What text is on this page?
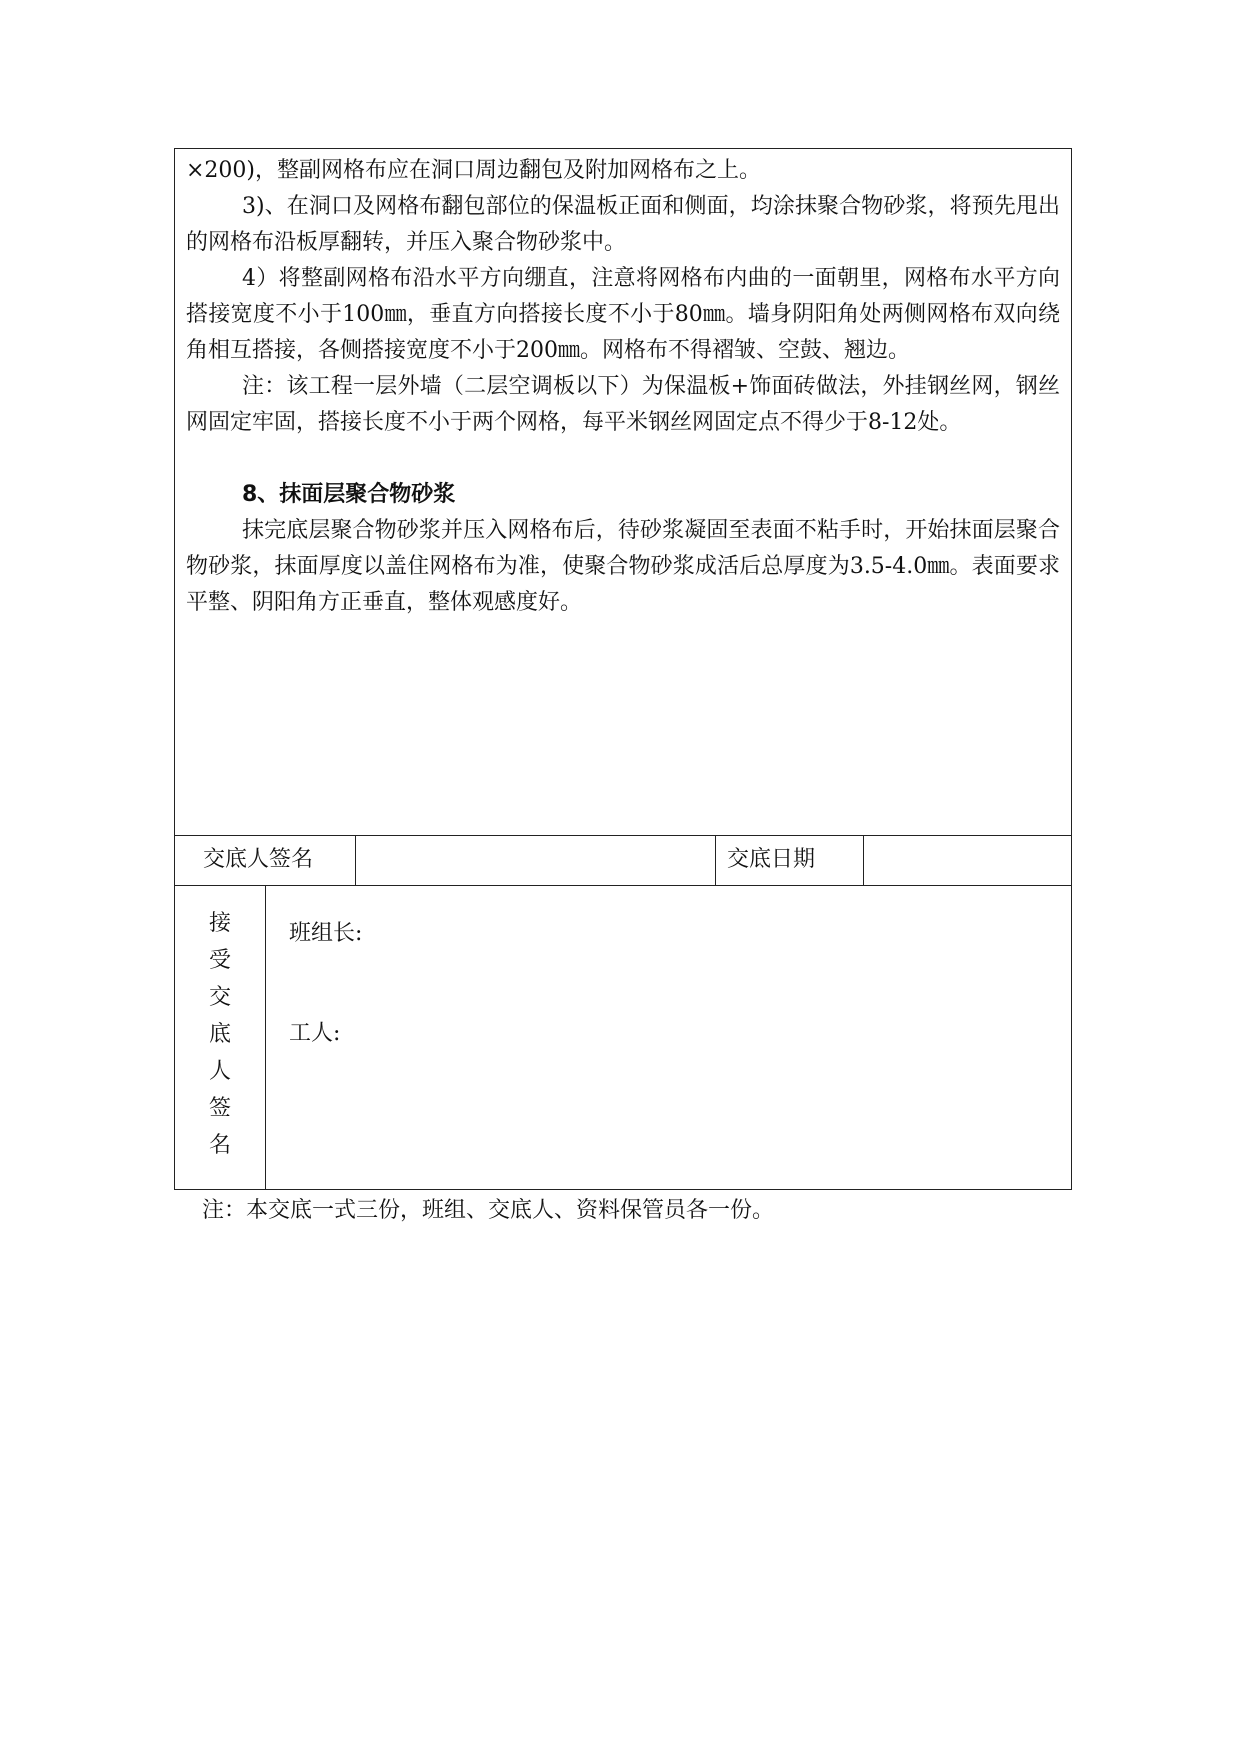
×200)，整副网格布应在洞口周边翻包及附加网格布之上。

3)、在洞口及网格布翻包部位的保温板正面和侧面，均涂抹聚合物砂浆，将预先甩出的网格布沿板厚翻转，并压入聚合物砂浆中。

4）将整副网格布沿水平方向绷直，注意将网格布内曲的一面朝里，网格布水平方向搭接宽度不小于100㎜，垂直方向搭接长度不小于80㎜。墙身阴阳角处两侧网格布双向绕角相互搭接，各侧搭接宽度不小于200㎜。网格布不得褶皱、空鼓、翘边。

注：该工程一层外墙（二层空调板以下）为保温板+饰面砖做法，外挂钢丝网，钢丝网固定牢固，搭接长度不小于两个网格，每平米钢丝网固定点不得少于8-12处。

8、抹面层聚合物砂浆

抹完底层聚合物砂浆并压入网格布后，待砂浆凝固至表面不粘手时，开始抹面层聚合物砂浆，抹面厚度以盖住网格布为准，使聚合物砂浆成活后总厚度为3.5-4.0㎜。表面要求平整、阴阳角方正垂直，整体观感度好。

交底人签名	交底日期
接
受
交
底
人
签
名
班组长:
工人:
注：本交底一式三份，班组、交底人、资料保管员各一份。
